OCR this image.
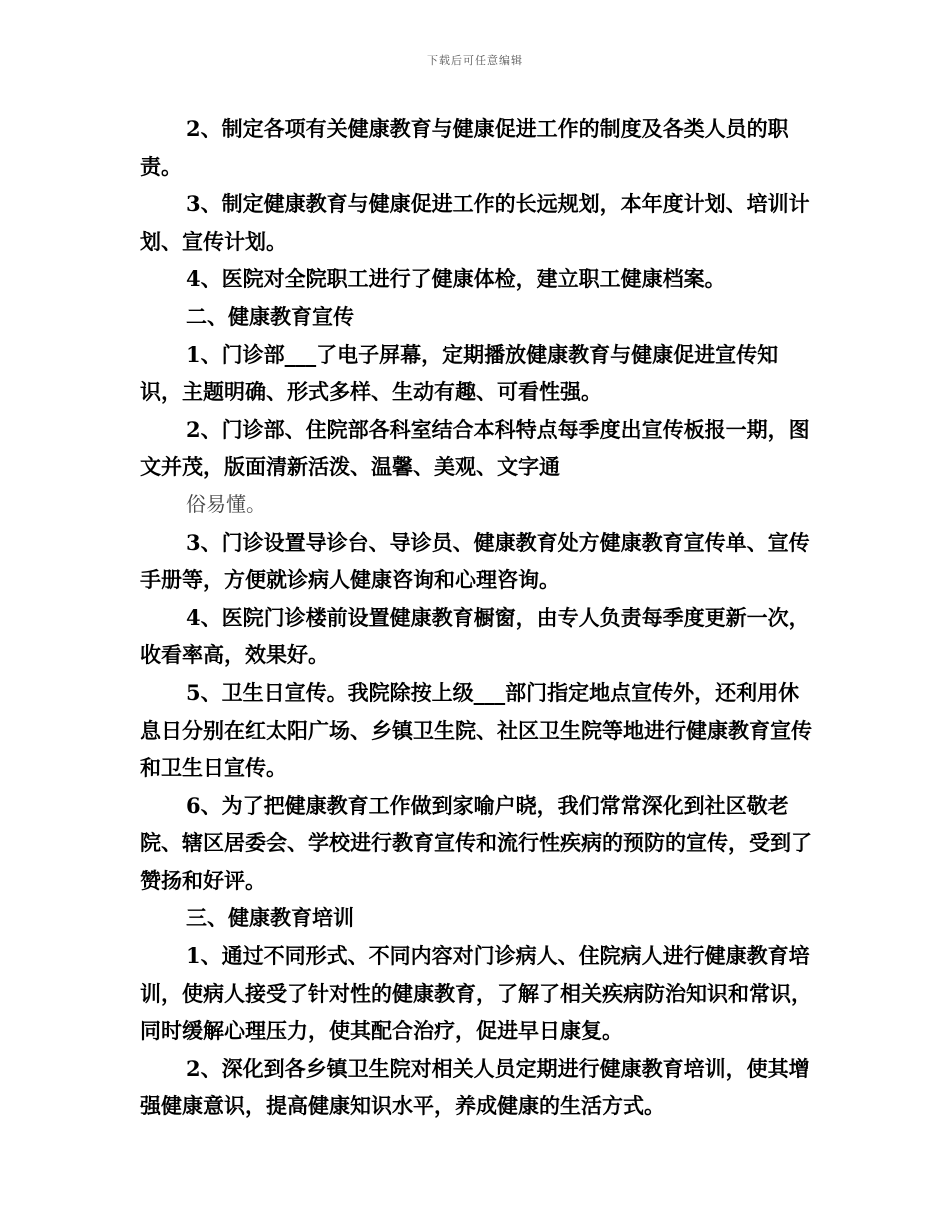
下载后可任意编辑

2、制定各项有关健康教育与健康促进工作的制度及各类人员的职责。

3、制定健康教育与健康促进工作的长远规划，本年度计划、培训计划、宣传计划。

4、医院对全院职工进行了健康体检，建立职工健康档案。

二、健康教育宣传

1、门诊部___了电子屏幕，定期播放健康教育与健康促进宣传知识，主题明确、形式多样、生动有趣、可看性强。

2、门诊部、住院部各科室结合本科特点每季度出宣传板报一期，图文并茂，版面清新活泼、温馨、美观、文字通

俗易懂。

3、门诊设置导诊台、导诊员、健康教育处方健康教育宣传单、宣传手册等，方便就诊病人健康咨询和心理咨询。

4、医院门诊楼前设置健康教育橱窗，由专人负责每季度更新一次，收看率高，效果好。

5、卫生日宣传。我院除按上级___部门指定地点宣传外，还利用休息日分别在红太阳广场、乡镇卫生院、社区卫生院等地进行健康教育宣传和卫生日宣传。

6、为了把健康教育工作做到家喻户晓，我们常常深化到社区敬老院、辖区居委会、学校进行教育宣传和流行性疾病的预防的宣传，受到了赞扬和好评。

三、健康教育培训

1、通过不同形式、不同内容对门诊病人、住院病人进行健康教育培训，使病人接受了针对性的健康教育，了解了相关疾病防治知识和常识，同时缓解心理压力，使其配合治疗，促进早日康复。

2、深化到各乡镇卫生院对相关人员定期进行健康教育培训，使其增强健康意识，提高健康知识水平，养成健康的生活方式。
